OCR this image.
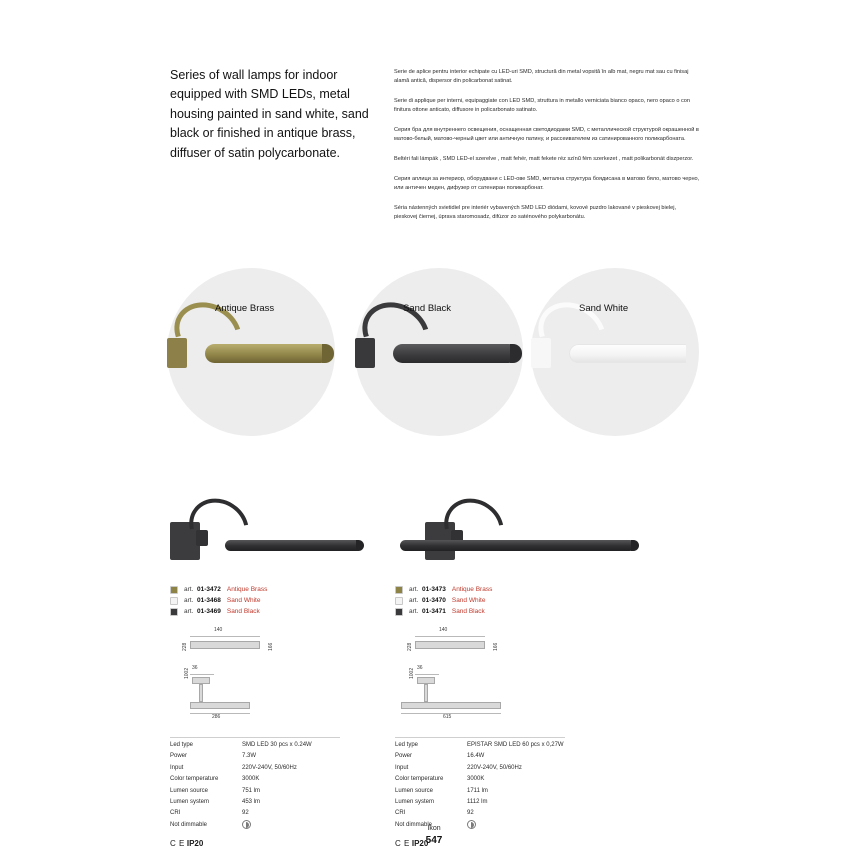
Series of wall lamps for indoor equipped with SMD LEDs, metal housing painted in sand white, sand black or finished in antique brass, diffuser of satin polycarbonate.

Serie de aplice pentru interior echipate cu LED-uri SMD, structură din metal vopsită în alb mat, negru mat sau cu finisaj alamă antică, dispersor din policarbonat satinat.

Serie di applique per interni, equipaggiate con LED SMD, struttura in metallo verniciata bianco opaco, nero opaco o con finitura ottone anticato, diffusore in policarbonato satinato.

Серия бра для внутреннего освещения, оснащенная светодиодами SMD, с металлической структурой окрашенной в матово-белый, матово-черный цвет или античную патину, и рассеивателем из сатинированного поликарбоната.

Beltéri fali lámpák , SMD LED-el szerelve , matt fehér, matt fekete réz színű fém szerkezet , matt polikarbonát diszperzor.

Серия аплици за интериор, оборудвани с LED-ове SMD, метална структура боядисана в матово бяло, матово черно, или античен меден, дифузер от сатениран поликарбонат.

Séria nástenných svietidiel pre interiér vybavených SMD LED diódami, kovové puzdro lakované v pieskovej bielej, pieskovej čiernej, úprava staromosadz, difúzor zo saténového polykarbonátu.

Antique Brass	Sand Black	Sand White
art. 01-3472 Antique Brass
art. 01-3468 Sand White
art. 01-3469 Sand Black
140
228	166
36
1002
286
Led type	SMD LED 30 pcs x 0.24W
Power	7.3W
Input	220V-240V, 50/60Hz
Color temperature	3000K
Lumen source	751 lm
Lumen system	453 lm
CRI	92
Not dimmable
C E IP20
art. 01-3473 Antique Brass
art. 01-3470 Sand White
art. 01-3471 Sand Black
140
228	166
36
1002
615
Led type	EPISTAR SMD LED 60 pcs x 0,27W
Power	16.4W
Input	220V-240V, 50/60Hz
Color temperature	3000K
Lumen source	1711 lm
Lumen system	1112 lm
CRI	92
Not dimmable
C E IP20
Ikon
547
